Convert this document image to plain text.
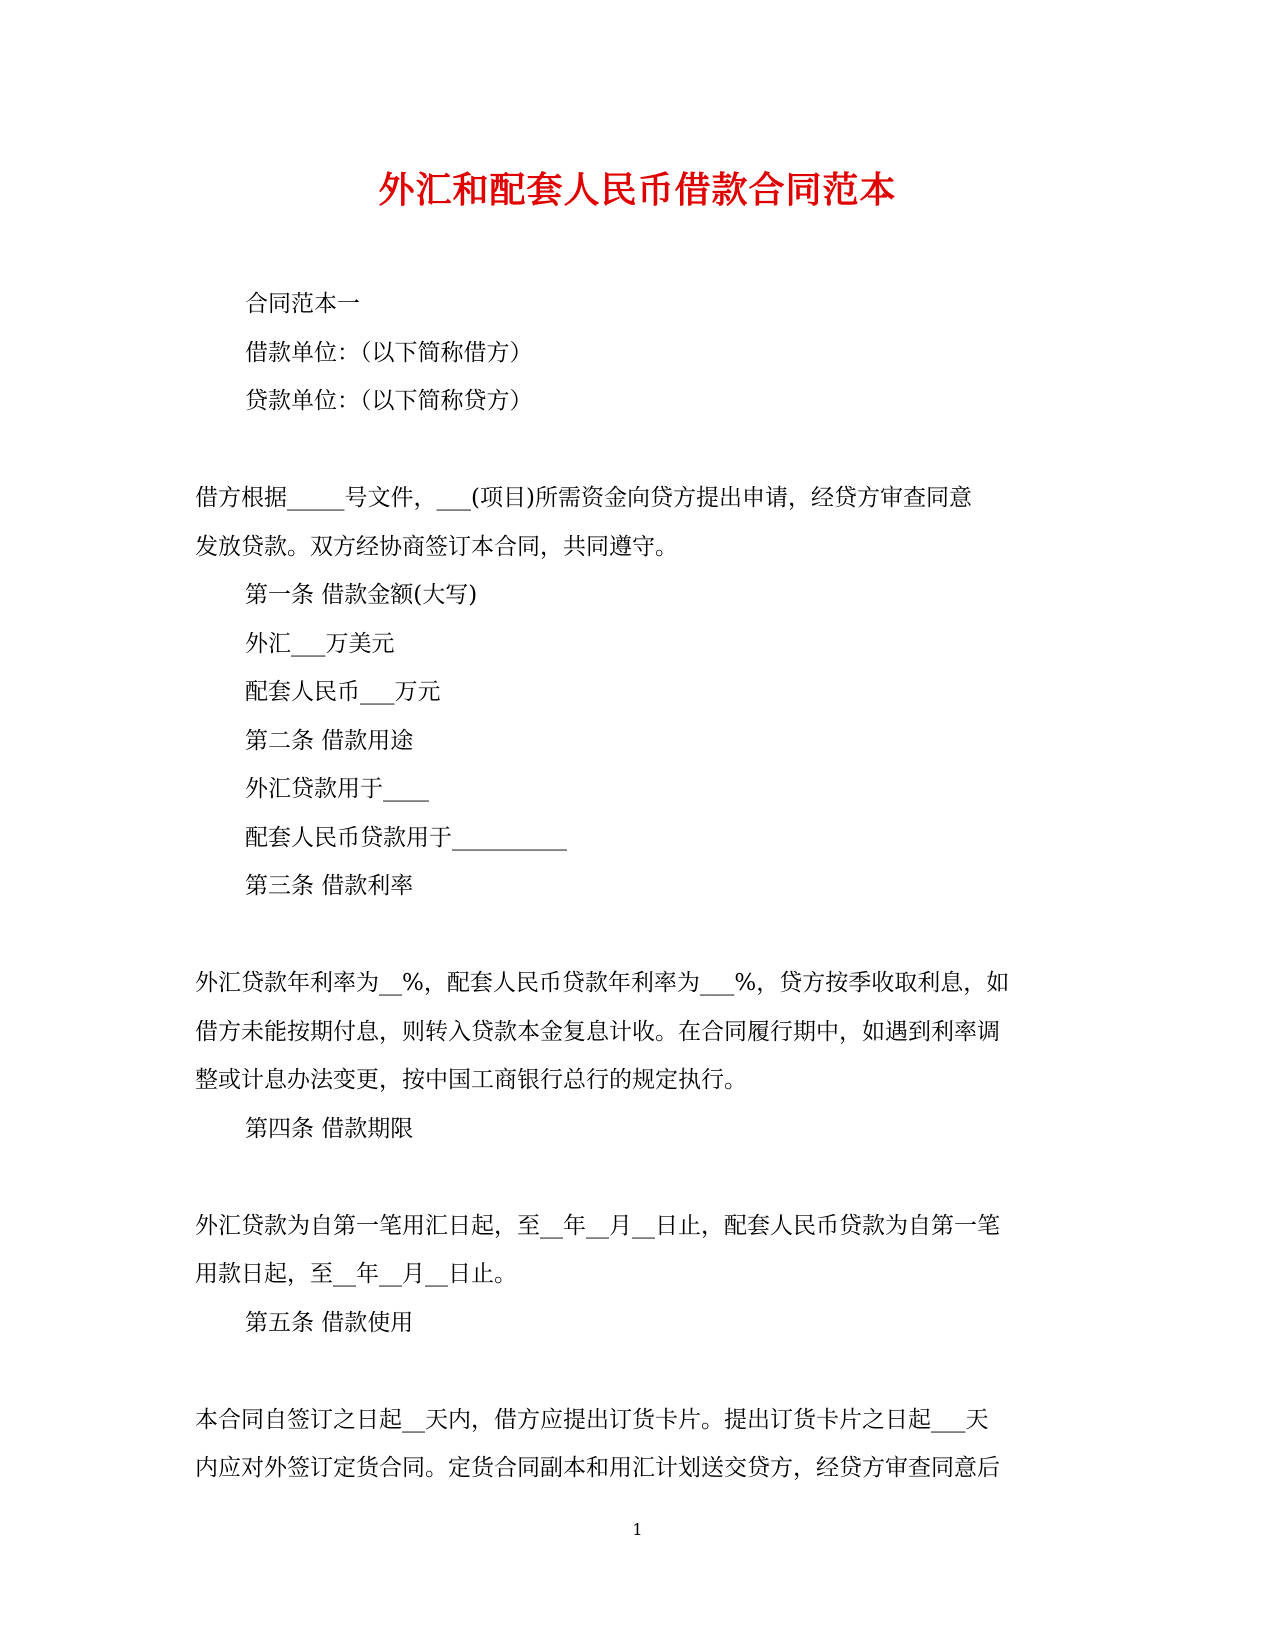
外汇和配套人民币借款合同范本
合同范本一
借款单位：（以下简称借方）
贷款单位：（以下简称贷方）
借方根据_____号文件，___(项目)所需资金向贷方提出申请，经贷方审查同意
发放贷款。双方经协商签订本合同，共同遵守。
第一条 借款金额(大写)
外汇___万美元
配套人民币___万元
第二条 借款用途
外汇贷款用于____
配套人民币贷款用于__________
第三条 借款利率
外汇贷款年利率为__%，配套人民币贷款年利率为___%，贷方按季收取利息，如
借方未能按期付息，则转入贷款本金复息计收。在合同履行期中，如遇到利率调
整或计息办法变更，按中国工商银行总行的规定执行。
第四条 借款期限
外汇贷款为自第一笔用汇日起，至__年__月__日止，配套人民币贷款为自第一笔
用款日起，至__年__月__日止。
第五条 借款使用
本合同自签订之日起__天内，借方应提出订货卡片。提出订货卡片之日起___天
内应对外签订定货合同。定货合同副本和用汇计划送交贷方，经贷方审查同意后
1
